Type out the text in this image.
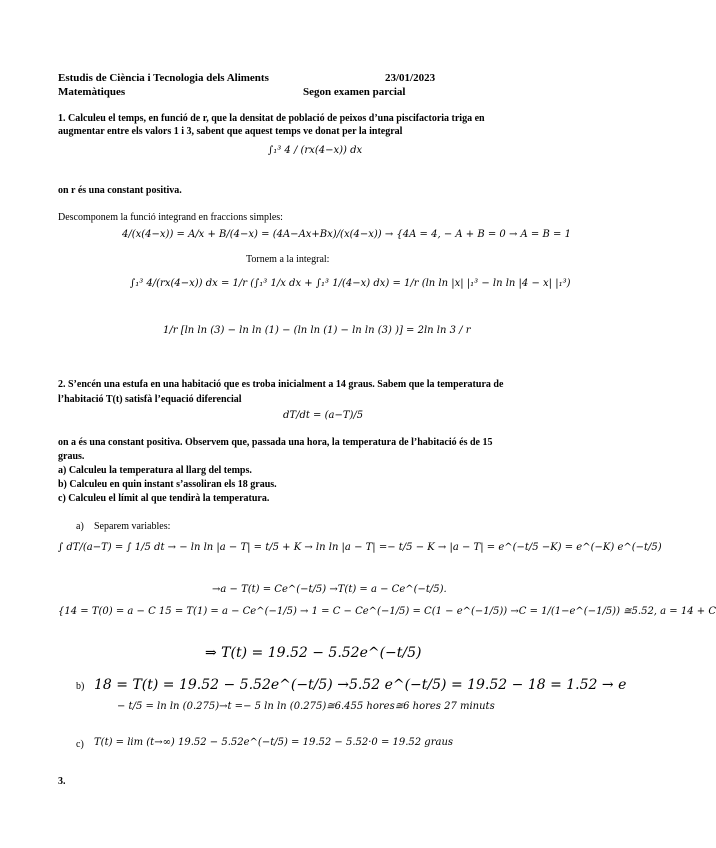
Estudis de Ciència i Tecnologia dels Aliments	23/01/2023
Matemàtiques	Segon examen parcial
1. Calculeu el temps, en funció de r, que la densitat de població de peixos d’una piscifactoria triga en
augmentar entre els valors 1 i 3, sabent que aquest temps ve donat per la integral
∫₁³ 4 / (rx(4−x)) dx
on r és una constant positiva.
Descomponem la funció integrand en fraccions simples:
4/(x(4−x)) = A/x + B/(4−x) = (4A−Ax+Bx)/(x(4−x)) → {4A = 4, − A + B = 0 → A = B = 1
Tornem a la integral:
∫₁³ 4/(rx(4−x)) dx = 1/r (∫₁³ 1/x dx + ∫₁³ 1/(4−x) dx) = 1/r (ln ln |x| |₁³ − ln ln |4 − x| |₁³)
1/r [ln ln (3) − ln ln (1) − (ln ln (1) − ln ln (3) )] = 2ln ln 3 / r
2. S’encén una estufa en una habitació que es troba inicialment a 14 graus. Sabem que la temperatura de
l’habitació T(t) satisfà l’equació diferencial
dT/dt = (a−T)/5
on a és una constant positiva. Observem que, passada una hora, la temperatura de l’habitació és de 15
graus.
a) Calculeu la temperatura al llarg del temps.
b) Calculeu en quin instant s’assoliran els 18 graus.
c) Calculeu el límit al que tendirà la temperatura.
a) Separem variables:
∫ dT/(a−T) = ∫ 1/5 dt → − ln ln |a − T| = t/5 + K → ln ln |a − T| =− t/5 − K → |a − T| = e^(−t/5 −K) = e^(−K) e^(−t/5)
→a − T(t) = Ce^(−t/5) →T(t) = a − Ce^(−t/5).
{14 = T(0) = a − C 15 = T(1) = a − Ce^(−1/5) → 1 = C − Ce^(−1/5) = C(1 − e^(−1/5)) →C = 1/(1−e^(−1/5)) ≅5.52, a = 14 + C
⇒ T(t) = 19.52 − 5.52e^(−t/5)
b) 18 = T(t) = 19.52 − 5.52e^(−t/5) →5.52 e^(−t/5) = 19.52 − 18 = 1.52 → e
− t/5 = ln ln (0.275)→t =− 5 ln ln (0.275)≅6.455 hores≅6 hores 27 minuts
c) T(t) = lim (t→∞) 19.52 − 5.52e^(−t/5) = 19.52 − 5.52·0 = 19.52 graus
3.
